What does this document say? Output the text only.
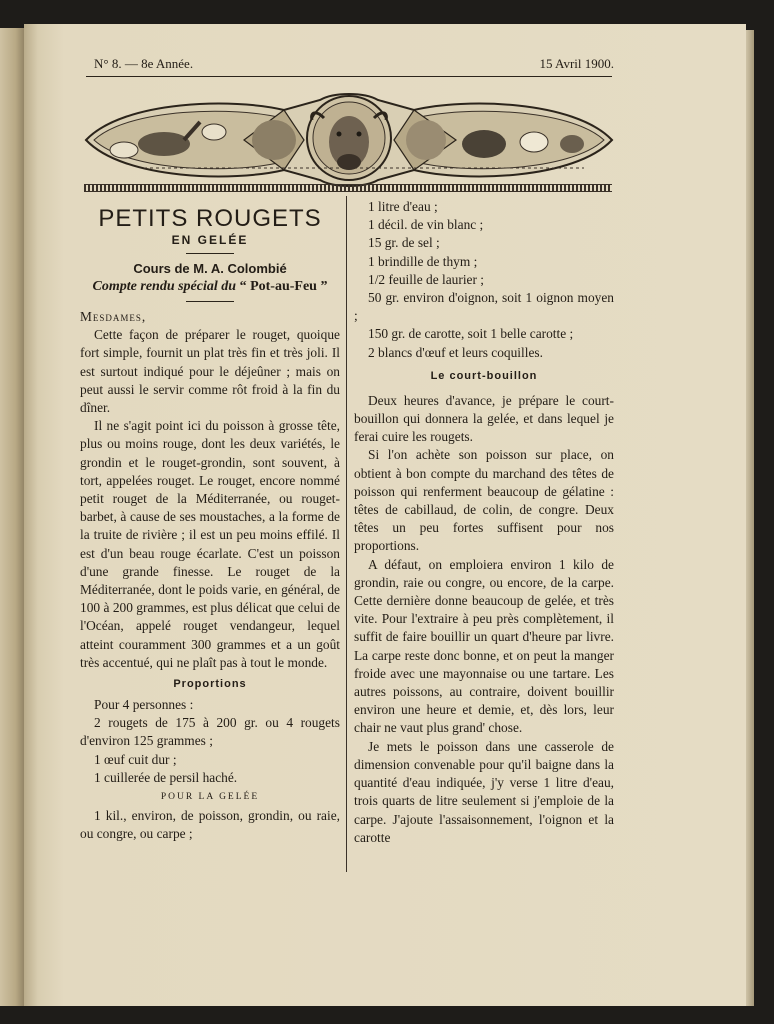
N° 8. — 8e Année.	15 Avril 1900.
PETITS ROUGETS
EN GELÉE
Cours de M. A. Colombié
Compte rendu spécial du “ Pot-au-Feu ”

Mesdames,

Cette façon de préparer le rouget, quoique fort simple, fournit un plat très fin et très joli. Il est surtout indiqué pour le déjeûner ; mais on peut aussi le servir comme rôt froid à la fin du dîner.

Il ne s'agit point ici du poisson à grosse tête, plus ou moins rouge, dont les deux variétés, le grondin et le rouget-grondin, sont souvent, à tort, appelées rouget. Le rouget, encore nommé petit rouget de la Méditerranée, ou rouget-barbet, à cause de ses moustaches, a la forme de la truite de rivière ; il est un peu moins effilé. Il est d'un beau rouge écarlate. C'est un poisson d'une grande finesse. Le rouget de la Méditerranée, dont le poids varie, en général, de 100 à 200 grammes, est plus délicat que celui de l'Océan, appelé rouget vendangeur, lequel atteint couramment 300 grammes et a un goût très accentué, qui ne plaît pas à tout le monde.

Proportions

Pour 4 personnes :

2 rougets de 175 à 200 gr. ou 4 rougets d'environ 125 grammes ;

1 œuf cuit dur ;

1 cuillerée de persil haché.

POUR LA GELÉE

1 kil., environ, de poisson, grondin, ou raie, ou congre, ou carpe ;

1 litre d'eau ;

1 décil. de vin blanc ;

15 gr. de sel ;

1 brindille de thym ;

1/2 feuille de laurier ;

50 gr. environ d'oignon, soit 1 oignon moyen ;

150 gr. de carotte, soit 1 belle carotte ;

2 blancs d'œuf et leurs coquilles.

Le court-bouillon

Deux heures d'avance, je prépare le court-bouillon qui donnera la gelée, et dans lequel je ferai cuire les rougets.

Si l'on achète son poisson sur place, on obtient à bon compte du marchand des têtes de poisson qui renferment beaucoup de gélatine : têtes de cabillaud, de colin, de congre. Deux têtes un peu fortes suffisent pour nos proportions.

A défaut, on emploiera environ 1 kilo de grondin, raie ou congre, ou encore, de la carpe. Cette dernière donne beaucoup de gelée, et très vite. Pour l'extraire à peu près complètement, il suffit de faire bouillir un quart d'heure par livre. La carpe reste donc bonne, et on peut la manger froide avec une mayonnaise ou une tartare. Les autres poissons, au contraire, doivent bouillir environ une heure et demie, et, dès lors, leur chair ne vaut plus grand' chose.

Je mets le poisson dans une casserole de dimension convenable pour qu'il baigne dans la quantité d'eau indiquée, j'y verse 1 litre d'eau, trois quarts de litre seulement si j'emploie de la carpe. J'ajoute l'assaisonnement, l'oignon et la carotte
